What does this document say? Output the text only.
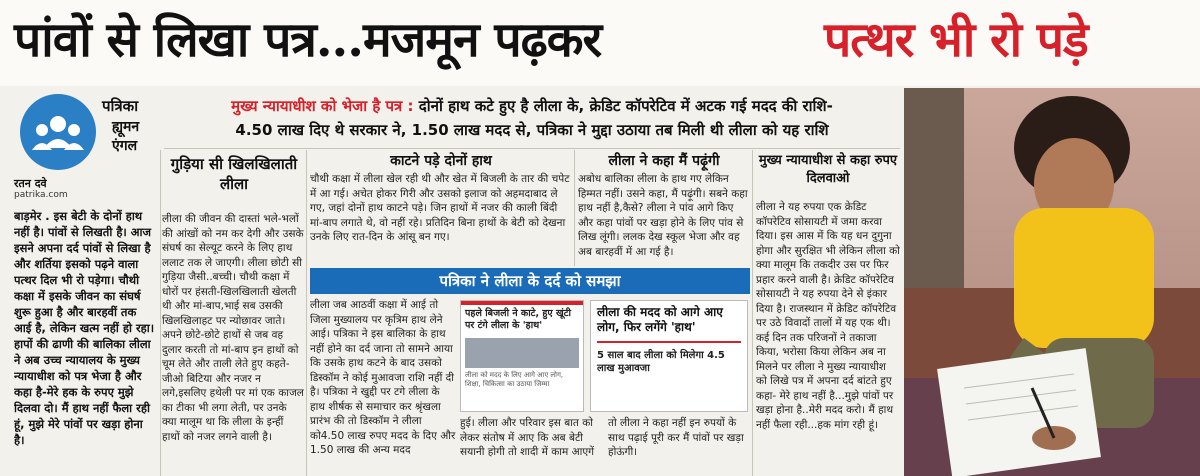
पांवों से लिखा पत्र...मजमून पढ़कर	पत्थर भी रो पड़े
पत्रिका
ह्यूमन
एंगल
रतन दवे
patrika.com
बाड़मेर . इस बेटी के दोनों हाथ नहीं है। पांवों से लिखती है। आज इसने अपना दर्द पांवों से लिखा है और शर्तिया इसको पढ़ने वाला पत्थर दिल भी रो पड़ेगा। चौथी कक्षा में इसके जीवन का संघर्ष शुरू हुआ है और बारहवीं तक आई है, लेकिन खत्म नहीं हो रहा। हापों की ढाणी की बालिका लीला ने अब उच्च न्यायालय के मुख्य न्यायाधीश को पत्र भेजा है और कहा है-मेरे हक के रुपए मुझे दिलवा दो। मैं हाथ नहीं फैला रही हूं, मुझे मेरे पांवों पर खड़ा होना है।

मुख्य न्यायाधीश को भेजा है पत्र : दोनों हाथ कटे हुए है लीला के, क्रेडिट कॉपरेटिव में अटक गई मदद की राशि-

4.50 लाख दिए थे सरकार ने, 1.50 लाख मदद से, पत्रिका ने मुद्दा उठाया तब मिली थी लीला को यह राशि

गुड़िया सी खिलखिलाती लीला
लीला की जीवन की दास्तां भले-भलों की आंखों को नम कर देगी और उसके संघर्ष का सेल्यूट करने के लिए हाथ ललाट तक ले जाएगी। लीला छोटी सी गुड़िया जैसी..बच्ची। चौथी कक्षा में धोरों पर हंसती-खिलखिलाती खेलती थी और मां-बाप,भाई सब उसकी खिलखिलाहट पर न्योछावर जाते। अपने छोटे-छोटे हाथों से जब वह दुलार करती तो मां-बाप इन हाथों को चूम लेते और ताली लेते हुए कहते-जीओ बिटिया और नजर न लगे,इसलिए हथेली पर मां एक काजल का टीका भी लगा लेती, पर उनके क्या मालूम था कि लीला के इन्हीं हाथों को नजर लगने वाली है।
काटने पड़े दोनों हाथ
चौथी कक्षा में लीला खेल रही थी और खेत में बिजली के तार की चपेट में आ गई। अचेत होकर गिरी और उसको इलाज को अहमदाबाद ले गए, जहां दोनों हाथ काटने पड़े। जिन हाथों में नजर की काली बिंदी मां-बाप लगाते थे, वो नहीं रहे। प्रतिदिन बिना हाथों के बेटी को देखना उनके लिए रात-दिन के आंसू बन गए।
लीला ने कहा मैं पढ़ूंगी
अबोध बालिका लीला के हाथ गए लेकिन हिम्मत नहीं। उसने कहा, मैं पढ़ूंगी। सबने कहा हाथ नहीं है,कैसे? लीला ने पांव आगे किए और कहा पांवों पर खड़ा होने के लिए पांव से लिख लूंगी। ललक देख स्कूल भेजा और वह अब बारहवीं में आ गई है।
मुख्य न्यायाधीश से कहा रुपए दिलवाओ
लीला ने यह रुपया एक क्रेडिट कॉपरेटिव सोसायटी में जमा करवा दिया। इस आस में कि यह धन दुगुना होगा और सुरक्षित भी लेकिन लीला को क्या मालूम कि तकदीर उस पर फिर प्रहार करने वाली है। क्रेडिट कॉपरेटिव सोसायटी ने यह रुपया देने से इंकार दिया है। राजस्थान में क्रेडिट कॉपरेटिव पर उठे विवादों तालों में यह एक थी। कई दिन तक परिजनों ने तकाजा किया, भरोसा किया लेकिन अब ना मिलने पर लीला ने मुख्य न्यायाधीश को लिखे पत्र में अपना दर्द बांटते हुए कहा- मेरे हाथ नहीं है...मुझे पांवों पर खड़ा होना है..मेरी मदद करो। मैं हाथ नहीं फैला रही...हक मांग रही हूं।
पत्रिका ने लीला के दर्द को समझा
लीला जब आठवीं कक्षा में आई तो जिला मुख्यालय पर कृत्रिम हाथ लेने आई। पत्रिका ने इस बालिका के हाथ नहीं होने का दर्द जाना तो सामने आया कि उसके हाथ कटने के बाद उसको डिस्कॉम ने कोई मुआवजा राशि नहीं दी है। पत्रिका ने खुद्दी पर टगे लीला के हाथ शीर्षक से समाचार कर श्रृंखला प्रारंभ की तो डिस्कॉम ने लीला को4.50 लाख रुपए मदद के दिए और 1.50 लाख की अन्य मदद
पहले बिजली ने काटे, हुए खूंटी पर टंगे लीला के 'हाथ'
लीला को मदद के लिए आगे आए लोग, शिक्षा, चिकित्सा का उठाया जिम्मा
हुई। लीला और परिवार इस बात को लेकर संतोष में आए कि अब बेटी सयानी होगी तो शादी में काम आएगें
लीला की मदद को आगे आए लोग, फिर लगेंगे 'हाथ'
5 साल बाद लीला को मिलेगा 4.5 लाख मुआवजा
तो लीला ने कहा नहीं इन रुपयों के साथ पढ़ाई पूरी कर मैं पांवों पर खड़ा होऊंगी।
